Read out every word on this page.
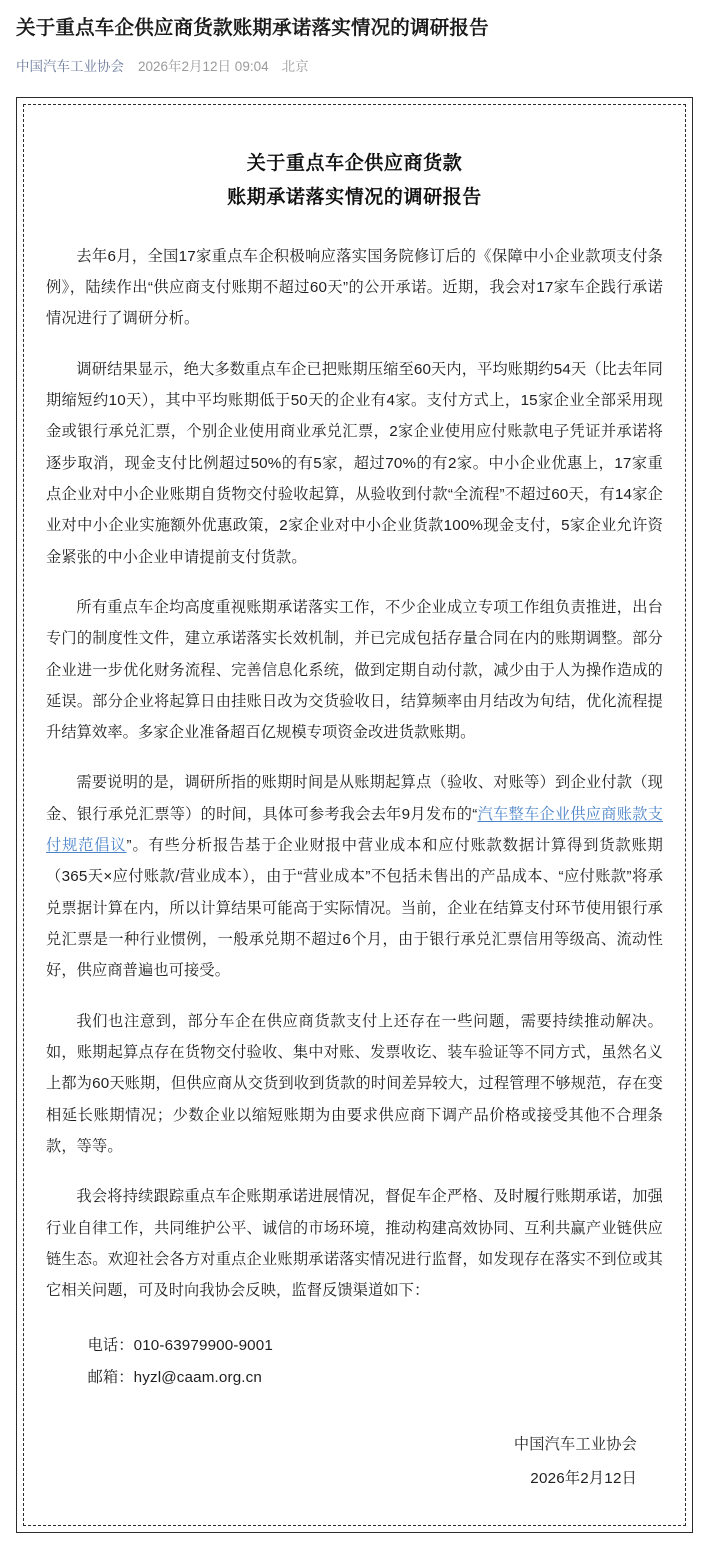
关于重点车企供应商货款账期承诺落实情况的调研报告
中国汽车工业协会 2026年2月12日 09:04 北京
关于重点车企供应商货款
账期承诺落实情况的调研报告

去年6月，全国17家重点车企积极响应落实国务院修订后的《保障中小企业款项支付条例》，陆续作出“供应商支付账期不超过60天”的公开承诺。近期，我会对17家车企践行承诺情况进行了调研分析。

调研结果显示，绝大多数重点车企已把账期压缩至60天内，平均账期约54天（比去年同期缩短约10天），其中平均账期低于50天的企业有4家。支付方式上，15家企业全部采用现金或银行承兑汇票，个别企业使用商业承兑汇票，2家企业使用应付账款电子凭证并承诺将逐步取消，现金支付比例超过50%的有5家，超过70%的有2家。中小企业优惠上，17家重点企业对中小企业账期自货物交付验收起算，从验收到付款“全流程”不超过60天，有14家企业对中小企业实施额外优惠政策，2家企业对中小企业货款100%现金支付，5家企业允许资金紧张的中小企业申请提前支付货款。

所有重点车企均高度重视账期承诺落实工作，不少企业成立专项工作组负责推进，出台专门的制度性文件，建立承诺落实长效机制，并已完成包括存量合同在内的账期调整。部分企业进一步优化财务流程、完善信息化系统，做到定期自动付款，减少由于人为操作造成的延误。部分企业将起算日由挂账日改为交货验收日，结算频率由月结改为旬结，优化流程提升结算效率。多家企业准备超百亿规模专项资金改进货款账期。

需要说明的是，调研所指的账期时间是从账期起算点（验收、对账等）到企业付款（现金、银行承兑汇票等）的时间，具体可参考我会去年9月发布的“汽车整车企业供应商账款支付规范倡议”。有些分析报告基于企业财报中营业成本和应付账款数据计算得到货款账期（365天×应付账款/营业成本），由于“营业成本”不包括未售出的产品成本、“应付账款”将承兑票据计算在内，所以计算结果可能高于实际情况。当前，企业在结算支付环节使用银行承兑汇票是一种行业惯例，一般承兑期不超过6个月，由于银行承兑汇票信用等级高、流动性好，供应商普遍也可接受。

我们也注意到，部分车企在供应商货款支付上还存在一些问题，需要持续推动解决。如，账期起算点存在货物交付验收、集中对账、发票收讫、装车验证等不同方式，虽然名义上都为60天账期，但供应商从交货到收到货款的时间差异较大，过程管理不够规范，存在变相延长账期情况；少数企业以缩短账期为由要求供应商下调产品价格或接受其他不合理条款，等等。

我会将持续跟踪重点车企账期承诺进展情况，督促车企严格、及时履行账期承诺，加强行业自律工作，共同维护公平、诚信的市场环境，推动构建高效协同、互利共赢产业链供应链生态。欢迎社会各方对重点企业账期承诺落实情况进行监督，如发现存在落实不到位或其它相关问题，可及时向我协会反映，监督反馈渠道如下：

电话：010-63979900-9001
邮箱：hyzl@caam.org.cn
中国汽车工业协会
2026年2月12日
